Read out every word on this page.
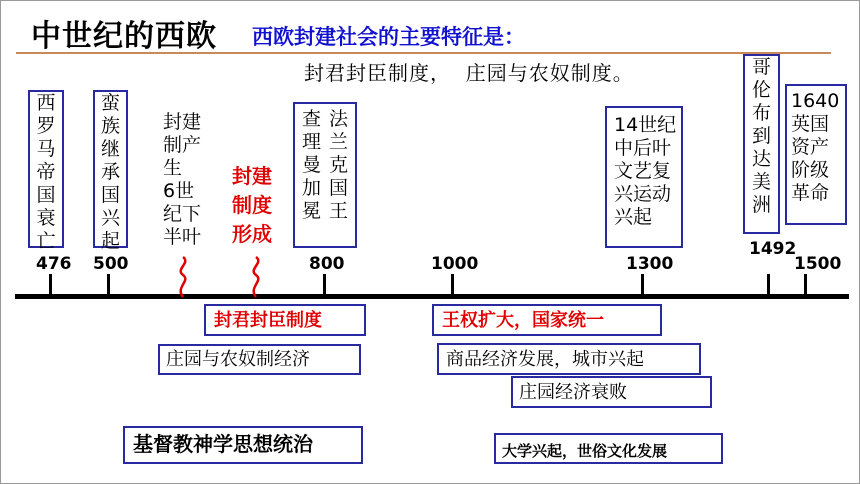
中世纪的西欧 西欧封建社会的主要特征是：
封君封臣制度，  庄园与农奴制度。
西
罗
马
帝
国
衰
亡
蛮
族
继
承
国
兴
起
封建
制产
生
6世
纪下
半叶
封建
制度
形成

查
理
曼
加
冕

法
兰
克
国
王

14世纪
中后叶
文艺复
兴运动
兴起
哥
伦
布
到
达
美
洲
1640
英国
资产
阶级
革命
476 500	800	1000	1300
1492
1500
封君封臣制度
庄园与农奴制经济
王权扩大，国家统一
商品经济发展，城市兴起
庄园经济衰败
基督教神学思想统治	大学兴起，世俗文化发展
